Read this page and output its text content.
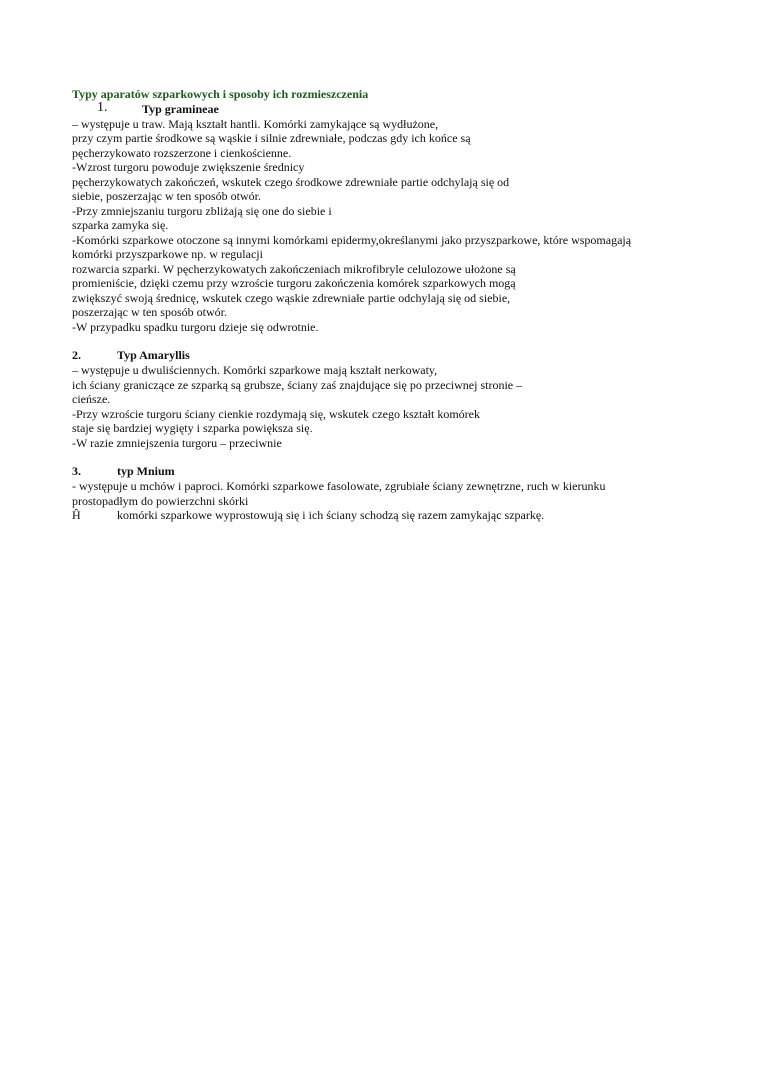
Typy aparatów szparkowych i sposoby ich rozmieszczenia
1.	Typ gramineae
– występuje u traw. Mają kształt hantli. Komórki zamykające są wydłużone,
przy czym partie środkowe są wąskie i silnie zdrewniałe, podczas gdy ich końce są
pęcherzykowato rozszerzone i cienkościenne.
-Wzrost turgoru powoduje zwiększenie średnicy
pęcherzykowatych zakończeń, wskutek czego środkowe zdrewniałe partie odchylają się od
siebie, poszerzając w ten sposób otwór.
-Przy zmniejszaniu turgoru zbliżają się one do siebie i
szparka zamyka się.
-Komórki szparkowe otoczone są innymi komórkami epidermy,określanymi jako przyszparkowe, które wspomagają
komórki przyszparkowe np. w regulacji
rozwarcia szparki. W pęcherzykowatych zakończeniach mikrofibryle celulozowe ułożone są
promieniście, dzięki czemu przy wzroście turgoru zakończenia komórek szparkowych mogą
zwiększyć swoją średnicę, wskutek czego wąskie zdrewniałe partie odchylają się od siebie,
poszerzając w ten sposób otwór.
-W przypadku spadku turgoru dzieje się odwrotnie.
2.	Typ Amaryllis
– występuje u dwuliściennych. Komórki szparkowe mają kształt nerkowaty,
ich ściany graniczące ze szparką są grubsze, ściany zaś znajdujące się po przeciwnej stronie –
cieńsze.
-Przy wzroście turgoru ściany cienkie rozdymają się, wskutek czego kształt komórek
staje się bardziej wygięty i szparka powiększa się.
-W razie zmniejszenia turgoru – przeciwnie
3.	typ Mnium
- występuje u mchów i paproci. Komórki szparkowe fasolowate, zgrubiałe ściany zewnętrzne, ruch w kierunku
prostopadłym do powierzchni skórki
Ĥ	komórki szparkowe wyprostowują się i ich ściany schodzą się razem zamykając szparkę.
